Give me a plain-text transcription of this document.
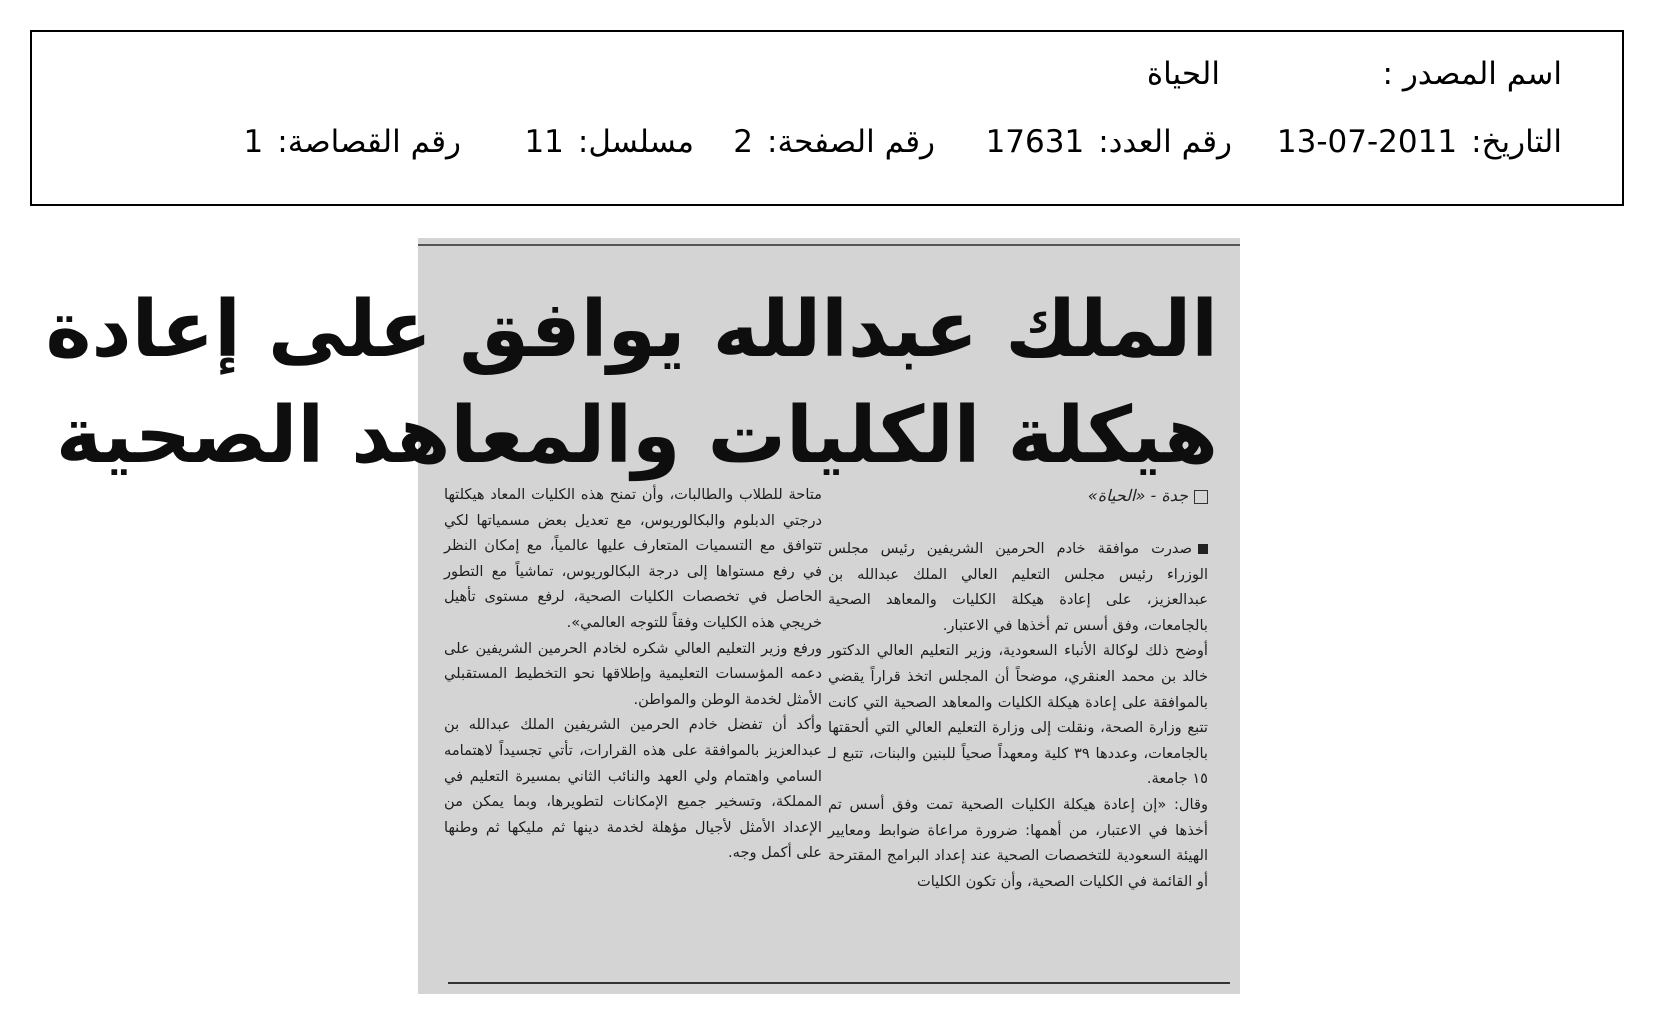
اسم المصدر :
الحياة
التاريخ:2011-07-13
رقم العدد:17631
رقم الصفحة:2
مسلسل:11
رقم القصاصة:1
الملك عبدالله يوافق على إعادة
هيكلة الكليات والمعاهد الصحية
جدة - «الحياة»

صدرت موافقة خادم الحرمين الشريفين رئيس مجلس الوزراء رئيس مجلس التعليم العالي الملك عبدالله بن عبدالعزيز، على إعادة هيكلة الكليات والمعاهد الصحية بالجامعات، وفق أسس تم أخذها في الاعتبار.

أوضح ذلك لوكالة الأنباء السعودية، وزير التعليم العالي الدكتور خالد بن محمد العنقري، موضحاً أن المجلس اتخذ قراراً يقضي بالموافقة على إعادة هيكلة الكليات والمعاهد الصحية التي كانت تتبع وزارة الصحة، ونقلت إلى وزارة التعليم العالي التي ألحقتها بالجامعات، وعددها ٣٩ كلية ومعهداً صحياً للبنين والبنات، تتبع لـ ١٥ جامعة.

وقال: «إن إعادة هيكلة الكليات الصحية تمت وفق أسس تم أخذها في الاعتبار، من أهمها: ضرورة مراعاة ضوابط ومعايير الهيئة السعودية للتخصصات الصحية عند إعداد البرامج المقترحة أو القائمة في الكليات الصحية، وأن تكون الكليات

متاحة للطلاب والطالبات، وأن تمنح هذه الكليات المعاد هيكلتها درجتي الدبلوم والبكالوريوس، مع تعديل بعض مسمياتها لكي تتوافق مع التسميات المتعارف عليها عالمياً، مع إمكان النظر في رفع مستواها إلى درجة البكالوريوس، تماشياً مع التطور الحاصل في تخصصات الكليات الصحية، لرفع مستوى تأهيل خريجي هذه الكليات وفقاً للتوجه العالمي».

ورفع وزير التعليم العالي شكره لخادم الحرمين الشريفين على دعمه المؤسسات التعليمية وإطلاقها نحو التخطيط المستقبلي الأمثل لخدمة الوطن والمواطن.

وأكد أن تفضل خادم الحرمين الشريفين الملك عبدالله بن عبدالعزيز بالموافقة على هذه القرارات، تأتي تجسيداً لاهتمامه السامي واهتمام ولي العهد والنائب الثاني بمسيرة التعليم في المملكة، وتسخير جميع الإمكانات لتطويرها، وبما يمكن من الإعداد الأمثل لأجيال مؤهلة لخدمة دينها ثم مليكها ثم وطنها على أكمل وجه.
